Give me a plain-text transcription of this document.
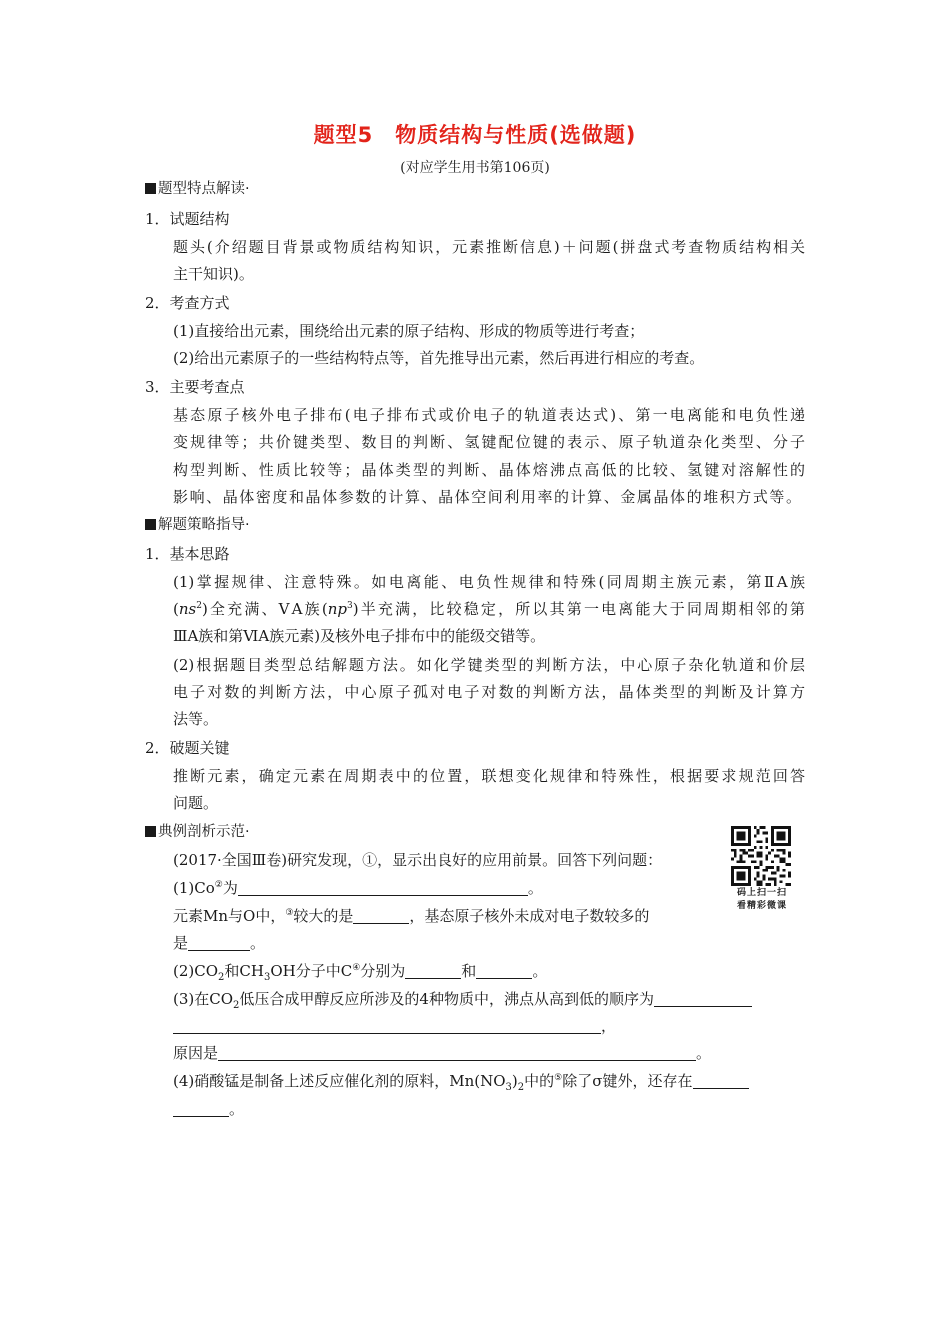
题型5 物质结构与性质(选做题)
(对应学生用书第106页)
题型特点解读·
1．试题结构
题头(介绍题目背景或物质结构知识，元素推断信息)＋问题(拼盘式考查物质结构相关
主干知识)。
2．考查方式
(1)直接给出元素，围绕给出元素的原子结构、形成的物质等进行考查；
(2)给出元素原子的一些结构特点等，首先推导出元素，然后再进行相应的考查。
3．主要考查点
基态原子核外电子排布(电子排布式或价电子的轨道表达式)、第一电离能和电负性递
变规律等；共价键类型、数目的判断、氢键配位键的表示、原子轨道杂化类型、分子
构型判断、性质比较等；晶体类型的判断、晶体熔沸点高低的比较、氢键对溶解性的
影响、晶体密度和晶体参数的计算、晶体空间利用率的计算、金属晶体的堆积方式等。
解题策略指导·
1．基本思路
(1)掌握规律、注意特殊。如电离能、电负性规律和特殊(同周期主族元素，第ⅡA族
$(ns^2)$全充满、ⅤA族$(np^3)$半充满，比较稳定，所以其第一电离能大于同周期相邻的第
ⅢA族和第ⅥA族元素)及核外电子排布中的能级交错等。
(2)根据题目类型总结解题方法。如化学键类型的判断方法，中心原子杂化轨道和价层
电子对数的判断方法，中心原子孤对电子对数的判断方法，晶体类型的判断及计算方
法等。
2．破题关键
推断元素，确定元素在周期表中的位置，联想变化规律和特殊性，根据要求规范回答
问题。
典例剖析示范·
码上扫一扫
看精彩微课
(2017·全国Ⅲ卷)研究发现，①，显示出良好的应用前景。回答下列问题：
(1)Co②为	。
元素Mn与O中，③较大的是	，基态原子核外未成对电子数较多的
是	。
$(2)CO_2$和$CH_3OH$分子中C④分别为	和	。
(3)在$CO_2$低压合成甲醇反应所涉及的4种物质中，沸点从高到低的顺序为
，
原因是	。
(4)硝酸锰是制备上述反应催化剂的原料，$Mn(NO_3)_2$中的⑤除了σ键外，还存在
。
